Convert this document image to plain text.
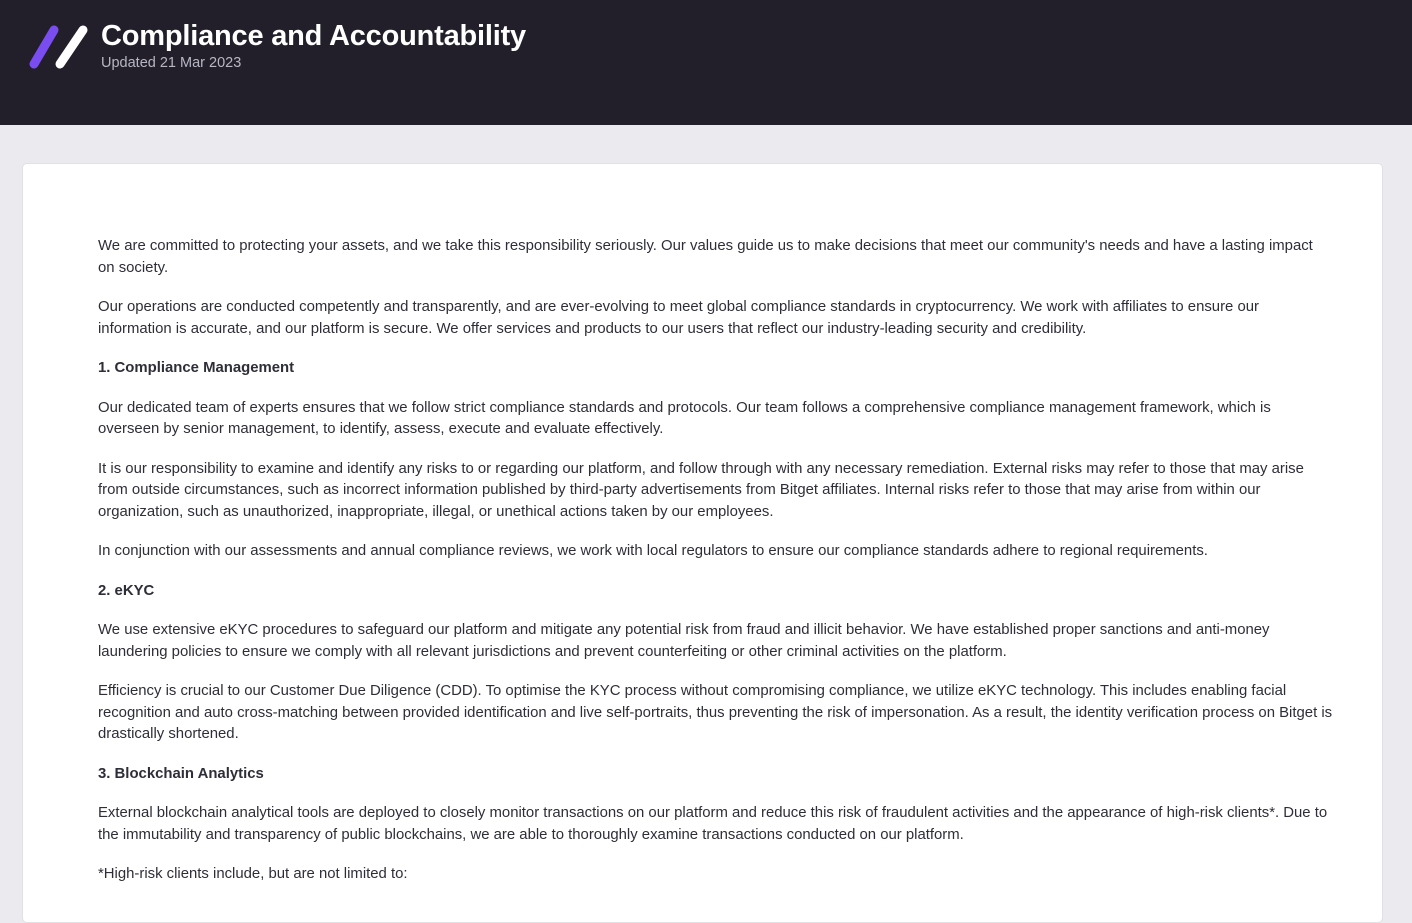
Compliance and Accountability
Updated 21 Mar 2023

We are committed to protecting your assets, and we take this responsibility seriously. Our values guide us to make decisions that meet our community's needs and have a lasting impact on society.

Our operations are conducted competently and transparently, and are ever-evolving to meet global compliance standards in cryptocurrency. We work with affiliates to ensure our information is accurate, and our platform is secure. We offer services and products to our users that reflect our industry-leading security and credibility.

1. Compliance Management

Our dedicated team of experts ensures that we follow strict compliance standards and protocols. Our team follows a comprehensive compliance management framework, which is overseen by senior management, to identify, assess, execute and evaluate effectively.

It is our responsibility to examine and identify any risks to or regarding our platform, and follow through with any necessary remediation. External risks may refer to those that may arise from outside circumstances, such as incorrect information published by third-party advertisements from Bitget affiliates. Internal risks refer to those that may arise from within our organization, such as unauthorized, inappropriate, illegal, or unethical actions taken by our employees.

In conjunction with our assessments and annual compliance reviews, we work with local regulators to ensure our compliance standards adhere to regional requirements.

2. eKYC

We use extensive eKYC procedures to safeguard our platform and mitigate any potential risk from fraud and illicit behavior. We have established proper sanctions and anti-money laundering policies to ensure we comply with all relevant jurisdictions and prevent counterfeiting or other criminal activities on the platform.

Efficiency is crucial to our Customer Due Diligence (CDD). To optimise the KYC process without compromising compliance, we utilize eKYC technology. This includes enabling facial recognition and auto cross-matching between provided identification and live self-portraits, thus preventing the risk of impersonation. As a result, the identity verification process on Bitget is drastically shortened.

3. Blockchain Analytics

External blockchain analytical tools are deployed to closely monitor transactions on our platform and reduce this risk of fraudulent activities and the appearance of high-risk clients*. Due to the immutability and transparency of public blockchains, we are able to thoroughly examine transactions conducted on our platform.

*High-risk clients include, but are not limited to:
